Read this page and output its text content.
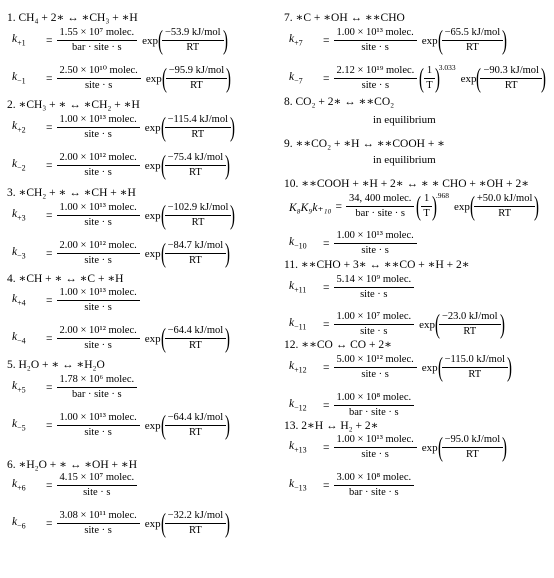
1. CH₄ + 2∗ ↔ ∗CH₃ + ∗H
$k_{+1}$	= $\frac{\text{1.55 × 10⁷ molec.}}{\text{bar · site · s}}$ exp ( $\frac{\text{−53.9 kJ/mol}}{RT}$ )
$k_{-1}$	= $\frac{\text{2.50 × 10¹⁰ molec.}}{\text{site · s}}$ exp ( $\frac{\text{−95.9 kJ/mol}}{RT}$ )
2. ∗CH₃ + ∗ ↔ ∗CH₂ + ∗H
$k_{+2}$	= $\frac{\text{1.00 × 10¹³ molec.}}{\text{site · s}}$ exp ( $\frac{\text{−115.4 kJ/mol}}{RT}$ )
$k_{-2}$	= $\frac{\text{2.00 × 10¹² molec.}}{\text{site · s}}$ exp ( $\frac{\text{−75.4 kJ/mol}}{RT}$ )
3. ∗CH₂ + ∗ ↔ ∗CH + ∗H
$k_{+3}$	= $\frac{\text{1.00 × 10¹³ molec.}}{\text{site · s}}$ exp ( $\frac{\text{−102.9 kJ/mol}}{RT}$ )
$k_{-3}$	= $\frac{\text{2.00 × 10¹² molec.}}{\text{site · s}}$ exp ( $\frac{\text{−84.7 kJ/mol}}{RT}$ )
4. ∗CH + ∗ ↔ ∗C + ∗H
$k_{+4}$	= $\frac{\text{1.00 × 10¹³ molec.}}{\text{site · s}}$
$k_{-4}$	= $\frac{\text{2.00 × 10¹² molec.}}{\text{site · s}}$ exp ( $\frac{\text{−64.4 kJ/mol}}{RT}$ )
5. H₂O + ∗ ↔ ∗H₂O
$k_{+5}$	= $\frac{\text{1.78 × 10⁶ molec.}}{\text{bar · site · s}}$
$k_{-5}$	= $\frac{\text{1.00 × 10¹³ molec.}}{\text{site · s}}$ exp ( $\frac{\text{−64.4 kJ/mol}}{RT}$ )
6. ∗H₂O + ∗ ↔ ∗OH + ∗H
$k_{+6}$	= $\frac{\text{4.15 × 10⁷ molec.}}{\text{site · s}}$
$k_{-6}$	= $\frac{\text{3.08 × 10¹¹ molec.}}{\text{site · s}}$ exp ( $\frac{\text{−32.2 kJ/mol}}{RT}$ )
7. ∗C + ∗OH ↔ ∗∗CHO
$k_{+7}$	= $\frac{\text{1.00 × 10¹³ molec.}}{\text{site · s}}$ exp ( $\frac{\text{−65.5 kJ/mol}}{RT}$ )
$k_{-7}$	= $\frac{\text{2.12 × 10¹⁹ molec.}}{\text{site · s}}$ ( $\frac{1}{T}$ ) 3.033
exp ( $\frac{\text{−90.3 kJ/mol}}{RT}$ )
8. CO₂ + 2∗ ↔ ∗∗CO₂
in equilibrium
9. ∗∗CO₂ + ∗H ↔ ∗∗COOH + ∗
in equilibrium
10. ∗∗COOH + ∗H + 2∗ ↔ ∗ ∗ CHO + ∗OH + 2∗
$K_8K_9k_{+10} = \frac{\text{34, 400 molec.}}{\text{bar · site · s}}$ ( $\frac{1}{T}$ ) .968
exp ( $\frac{\text{+50.0 kJ/mol}}{RT}$ )
$k_{-10}$	= $\frac{\text{1.00 × 10¹³ molec.}}{\text{site · s}}$
11. ∗∗CHO + 3∗ ↔ ∗∗CO + ∗H + 2∗
$k_{+11}$	= $\frac{\text{5.14 × 10⁹ molec.}}{\text{site · s}}$
$k_{-11}$	= $\frac{\text{1.00 × 10⁷ molec.}}{\text{site · s}}$ exp ( $\frac{\text{−23.0 kJ/mol}}{RT}$ )
12. ∗∗CO ↔ CO + 2∗
$k_{+12}$	= $\frac{\text{5.00 × 10¹² molec.}}{\text{site · s}}$ exp ( $\frac{\text{−115.0 kJ/mol}}{RT}$ )
$k_{-12}$	= $\frac{\text{1.00 × 10⁸ molec.}}{\text{bar · site · s}}$
13. 2∗H ↔ H₂ + 2∗
$k_{+13}$	= $\frac{\text{1.00 × 10¹³ molec.}}{\text{site · s}}$ exp ( $\frac{\text{−95.0 kJ/mol}}{RT}$ )
$k_{-13}$	= $\frac{\text{3.00 × 10⁸ molec.}}{\text{bar · site · s}}$
